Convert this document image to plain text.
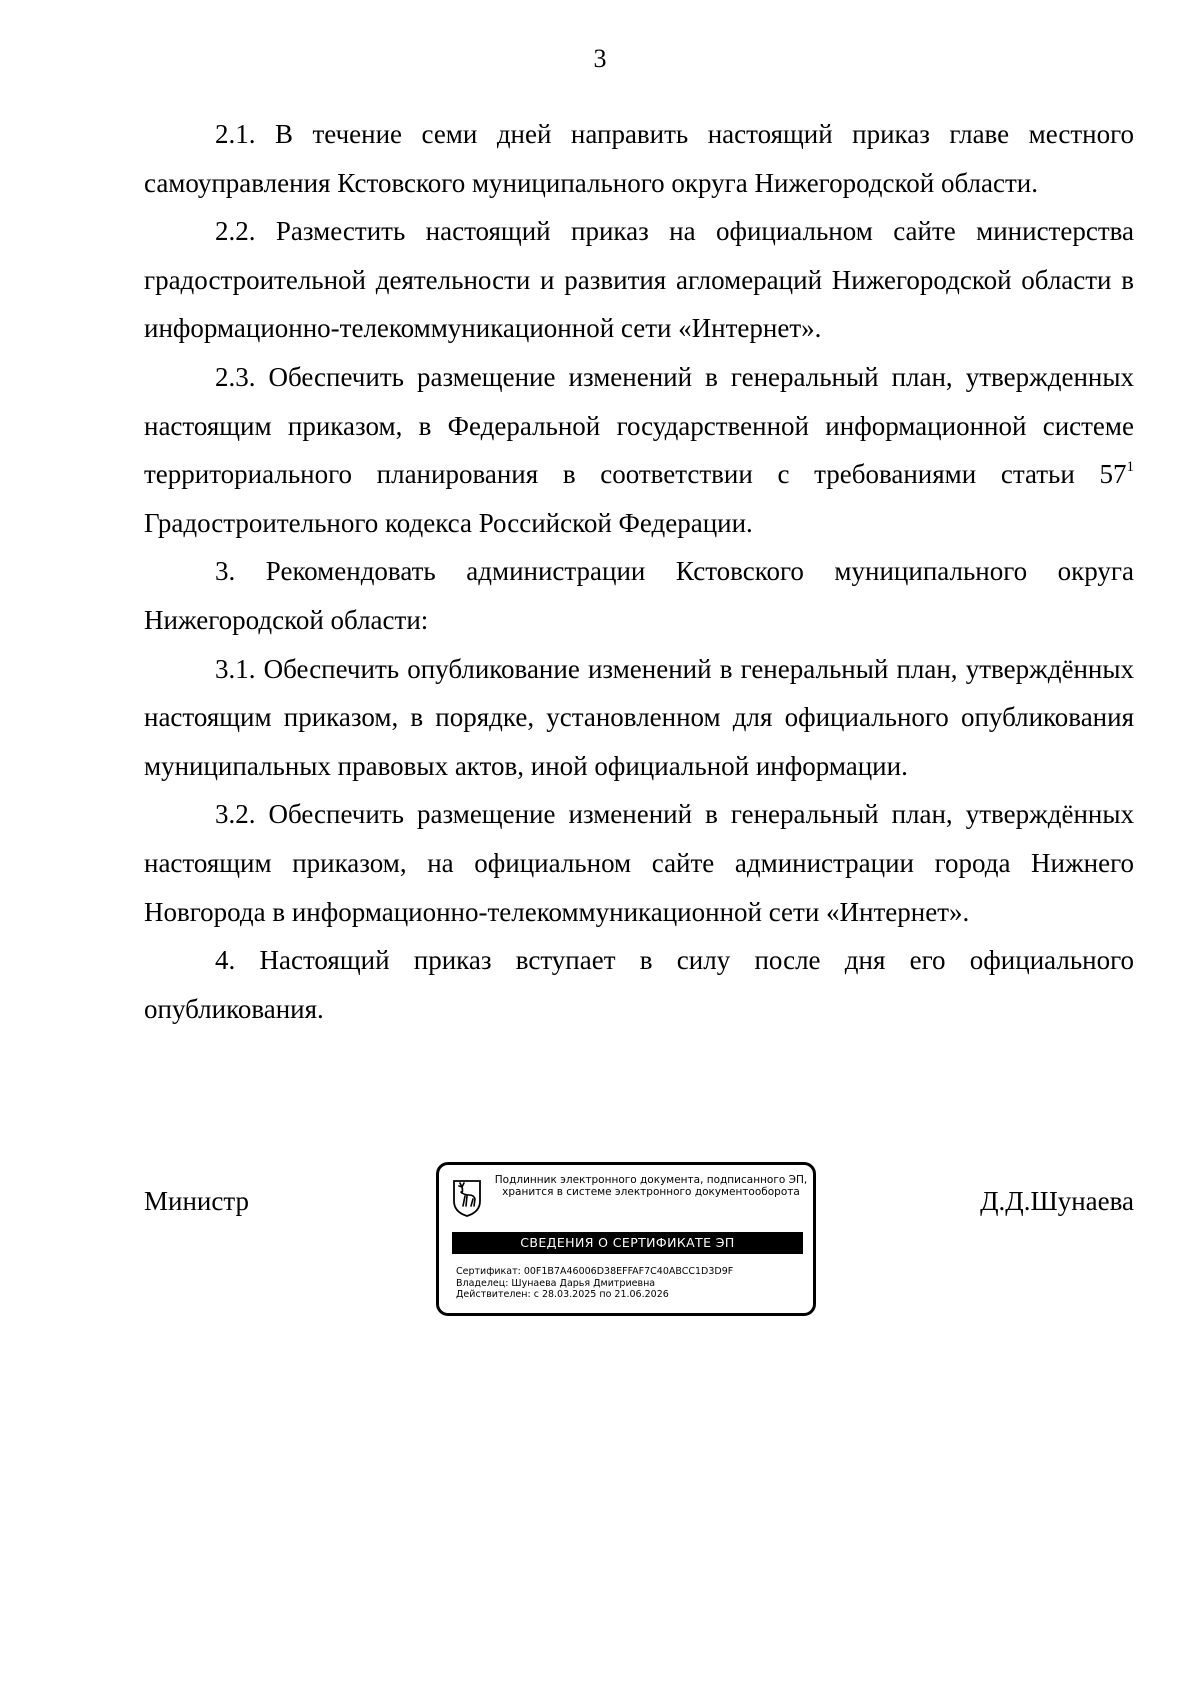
3

2.1. В течение семи дней направить настоящий приказ главе местного самоуправления Кстовского муниципального округа Нижегородской области.

2.2. Разместить настоящий приказ на официальном сайте министерства градостроительной деятельности и развития агломераций Нижегородской области в информационно-телекоммуникационной сети «Интернет».

2.3. Обеспечить размещение изменений в генеральный план, утвержденных настоящим приказом, в Федеральной государственной информационной системе территориального планирования в соответствии с требованиями статьи $57^1$ Градостроительного кодекса Российской Федерации.

3. Рекомендовать администрации Кстовского муниципального округа Нижегородской области:

3.1. Обеспечить опубликование изменений в генеральный план, утверждённых настоящим приказом, в порядке, установленном для официального опубликования муниципальных правовых актов, иной официальной информации.

3.2. Обеспечить размещение изменений в генеральный план, утверждённых настоящим приказом, на официальном сайте администрации города Нижнего Новгорода в информационно-телекоммуникационной сети «Интернет».

4. Настоящий приказ вступает в силу после дня его официального опубликования.

Министр	Д.Д.Шунаева
Подлинник электронного документа, подписанного ЭП,
хранится в системе электронного документооборота
СВЕДЕНИЯ О СЕРТИФИКАТЕ ЭП
Сертификат: 00F1B7A46006D38EFFAF7C40ABCC1D3D9F
Владелец: Шунаева Дарья Дмитриевна
Действителен: с 28.03.2025 по 21.06.2026
